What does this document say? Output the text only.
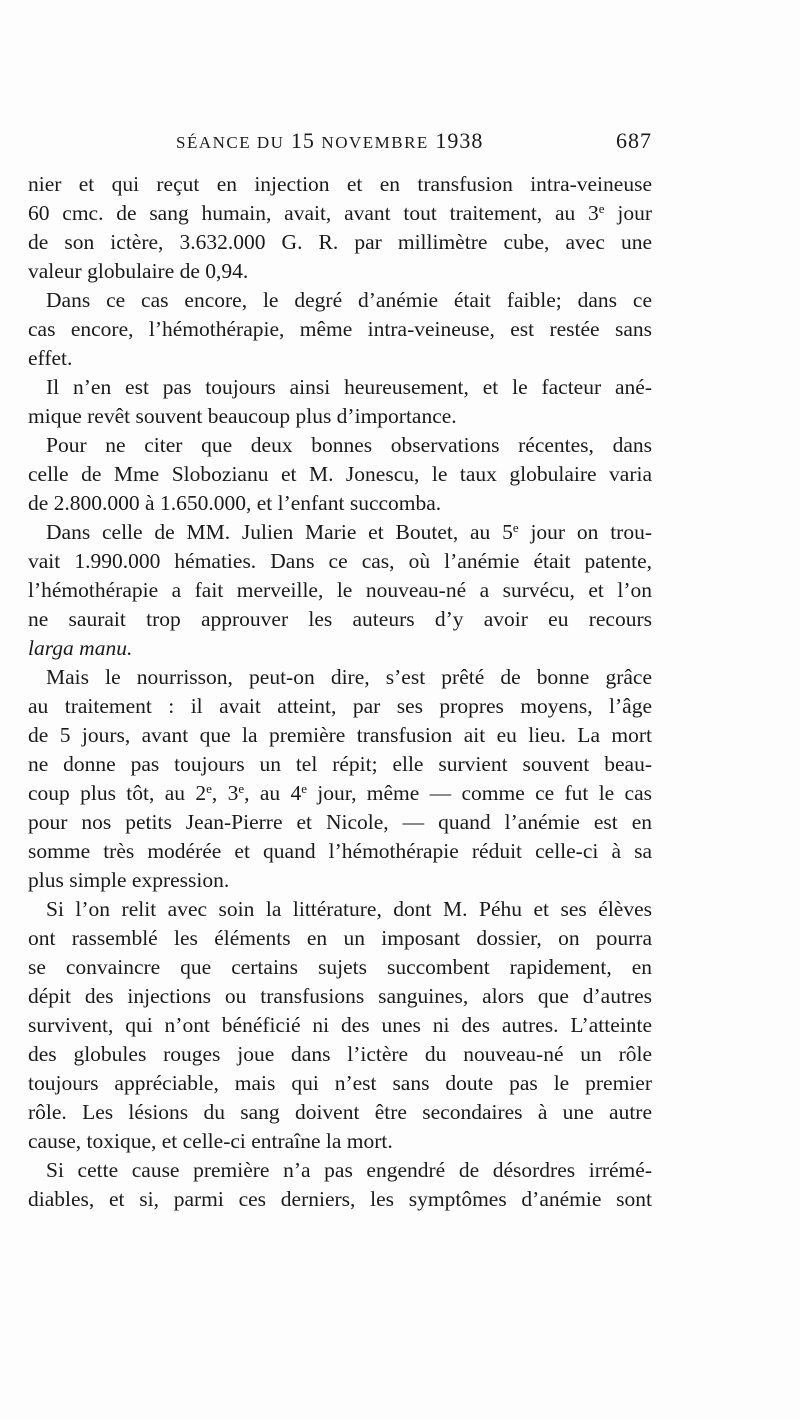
SÉANCE DU 15 NOVEMBRE 1938	687
nier et qui reçut en injection et en transfusion intra-veineuse
60 cmc. de sang humain, avait, avant tout traitement, au 3e jour
de son ictère, 3.632.000 G. R. par millimètre cube, avec une
valeur globulaire de 0,94.
Dans ce cas encore, le degré d’anémie était faible; dans ce
cas encore, l’hémothérapie, même intra-veineuse, est restée sans
effet.
Il n’en est pas toujours ainsi heureusement, et le facteur ané-
mique revêt souvent beaucoup plus d’importance.
Pour ne citer que deux bonnes observations récentes, dans
celle de Mme Slobozianu et M. Jonescu, le taux globulaire varia
de 2.800.000 à 1.650.000, et l’enfant succomba.
Dans celle de MM. Julien Marie et Boutet, au 5e jour on trou-
vait 1.990.000 hématies. Dans ce cas, où l’anémie était patente,
l’hémothérapie a fait merveille, le nouveau-né a survécu, et l’on
ne saurait trop approuver les auteurs d’y avoir eu recours
larga manu.
Mais le nourrisson, peut-on dire, s’est prêté de bonne grâce
au traitement : il avait atteint, par ses propres moyens, l’âge
de 5 jours, avant que la première transfusion ait eu lieu. La mort
ne donne pas toujours un tel répit; elle survient souvent beau-
coup plus tôt, au 2e, 3e, au 4e jour, même — comme ce fut le cas
pour nos petits Jean-Pierre et Nicole, — quand l’anémie est en
somme très modérée et quand l’hémothérapie réduit celle-ci à sa
plus simple expression.
Si l’on relit avec soin la littérature, dont M. Péhu et ses élèves
ont rassemblé les éléments en un imposant dossier, on pourra
se convaincre que certains sujets succombent rapidement, en
dépit des injections ou transfusions sanguines, alors que d’autres
survivent, qui n’ont bénéficié ni des unes ni des autres. L’atteinte
des globules rouges joue dans l’ictère du nouveau-né un rôle
toujours appréciable, mais qui n’est sans doute pas le premier
rôle. Les lésions du sang doivent être secondaires à une autre
cause, toxique, et celle-ci entraîne la mort.
Si cette cause première n’a pas engendré de désordres irrémé-
diables, et si, parmi ces derniers, les symptômes d’anémie sont
